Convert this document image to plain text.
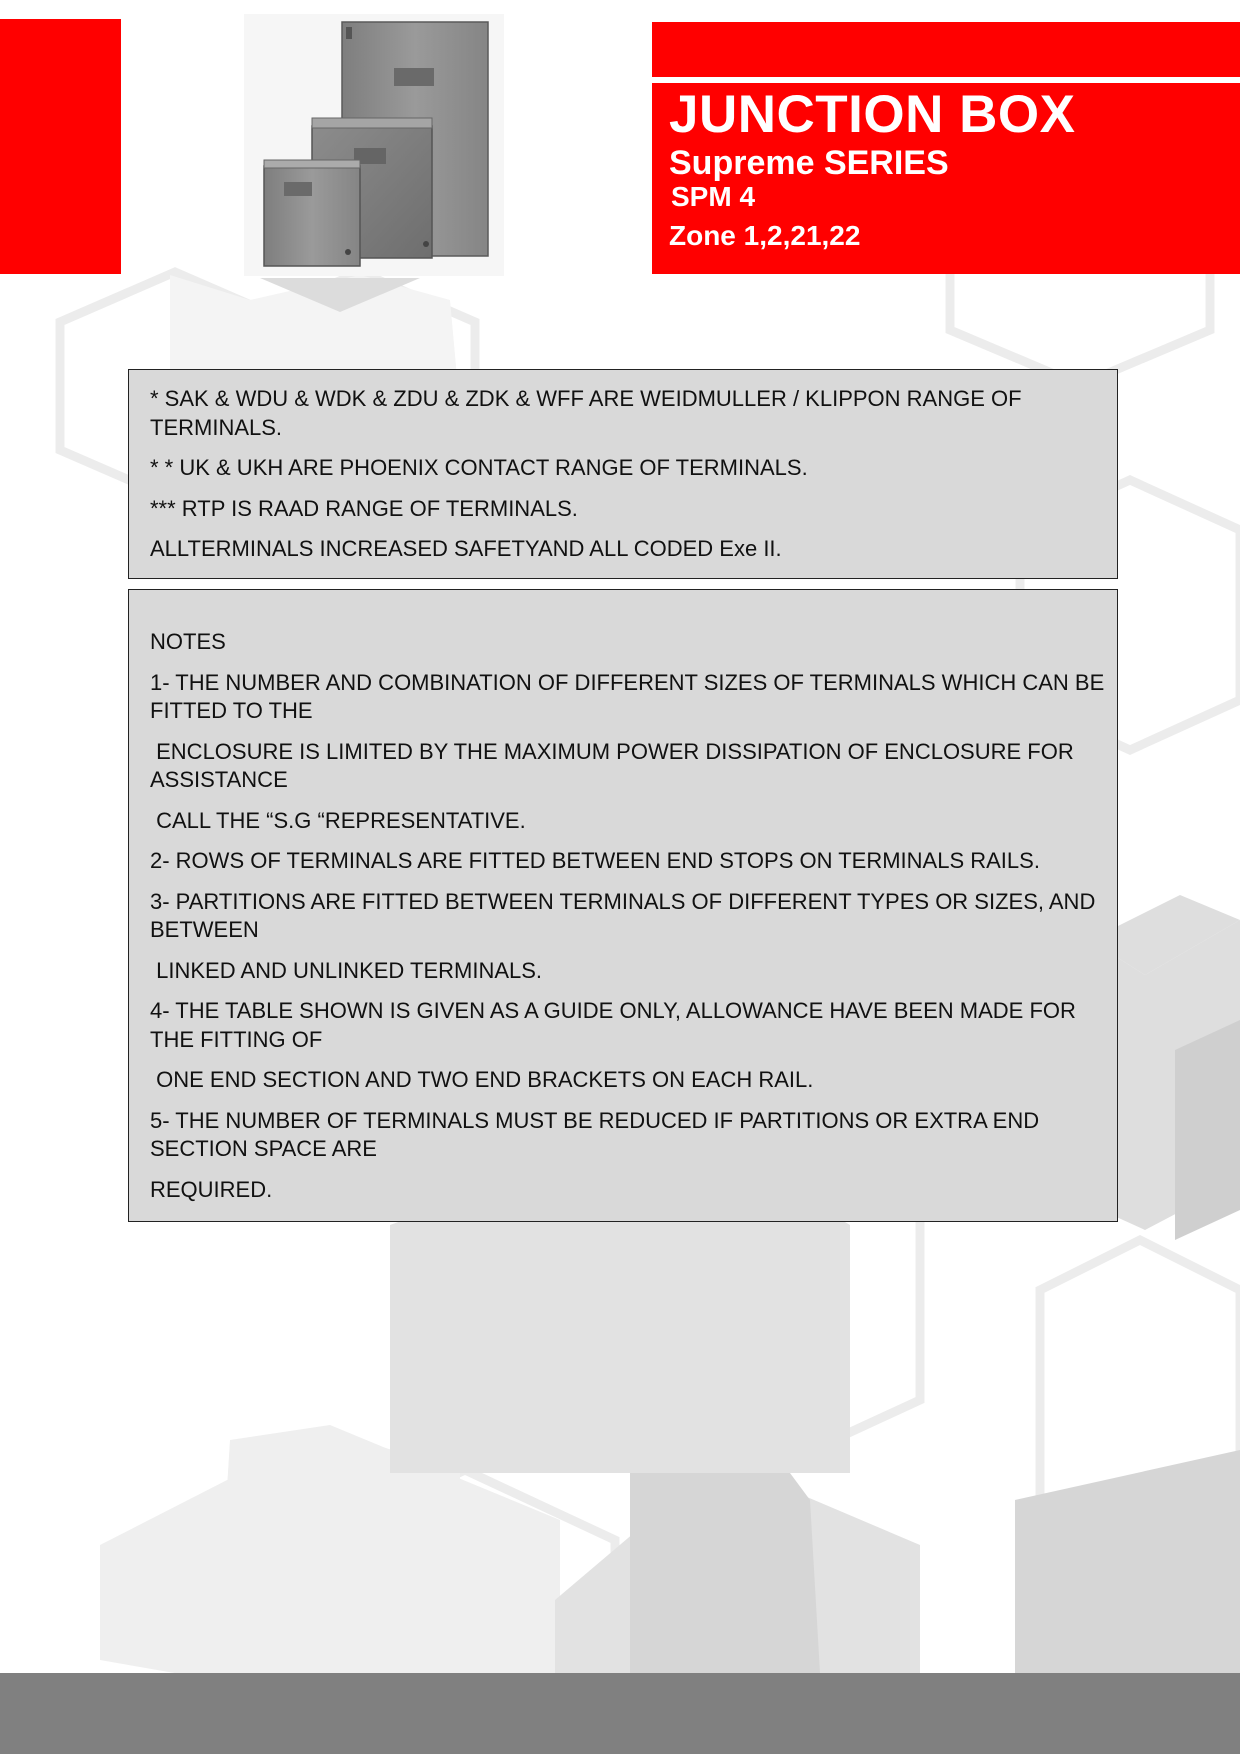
JUNCTION BOX
Supreme SERIES
SPM 4
Zone 1,2,21,22

* SAK & WDU & WDK & ZDU & ZDK & WFF ARE WEIDMULLER / KLIPPON RANGE OF TERMINALS.

* * UK & UKH ARE PHOENIX CONTACT RANGE OF TERMINALS.

*** RTP IS RAAD RANGE OF TERMINALS.

ALLTERMINALS INCREASED SAFETYAND ALL CODED Exe II.

NOTES

1- THE NUMBER AND COMBINATION OF DIFFERENT SIZES OF TERMINALS WHICH CAN BE FITTED TO THE

ENCLOSURE IS LIMITED BY THE MAXIMUM POWER DISSIPATION OF ENCLOSURE FOR ASSISTANCE

CALL THE “S.G “REPRESENTATIVE.

2- ROWS OF TERMINALS ARE FITTED BETWEEN END STOPS ON TERMINALS RAILS.

3- PARTITIONS ARE FITTED BETWEEN TERMINALS OF DIFFERENT TYPES OR SIZES, AND BETWEEN

LINKED AND UNLINKED TERMINALS.

4- THE TABLE SHOWN IS GIVEN AS A GUIDE ONLY, ALLOWANCE HAVE BEEN MADE FOR THE FITTING OF

ONE END SECTION AND TWO END BRACKETS ON EACH RAIL.

5- THE NUMBER OF TERMINALS MUST BE REDUCED IF PARTITIONS OR EXTRA END SECTION SPACE ARE

REQUIRED.
